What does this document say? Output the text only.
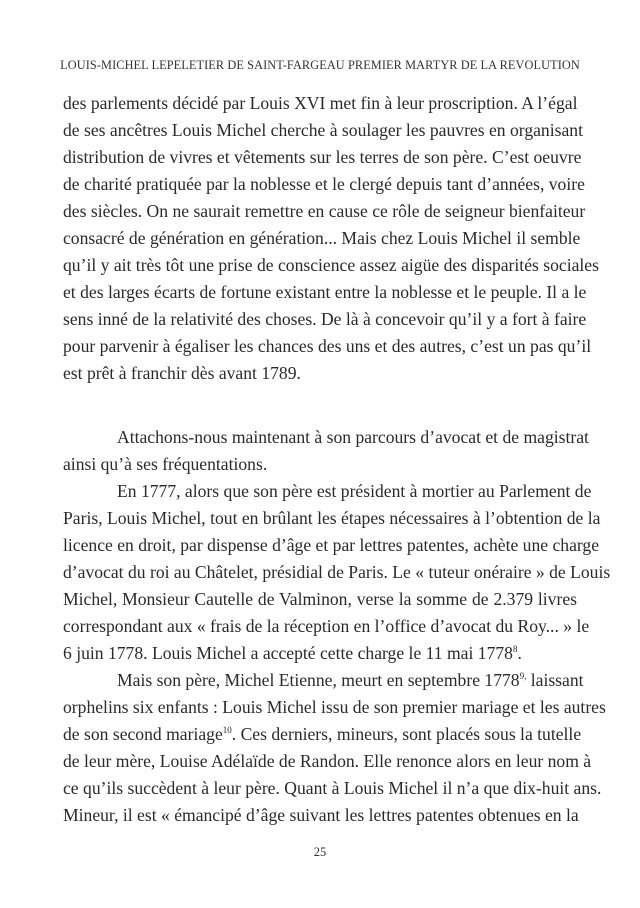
LOUIS-MICHEL LEPELETIER DE SAINT-FARGEAU PREMIER MARTYR DE LA REVOLUTION
des parlements décidé par Louis XVI met fin à leur proscription. A l’égal
de ses ancêtres Louis Michel cherche à soulager les pauvres en organisant
distribution de vivres et vêtements sur les terres de son père. C’est oeuvre
de charité pratiquée par la noblesse et le clergé depuis tant d’années, voire
des siècles. On ne saurait remettre en cause ce rôle de seigneur bienfaiteur
consacré de génération en génération... Mais chez Louis Michel il semble
qu’il y ait très tôt une prise de conscience assez aigüe des disparités sociales
et des larges écarts de fortune existant entre la noblesse et le peuple. Il a le
sens inné de la relativité des choses. De là à concevoir qu’il y a fort à faire
pour parvenir à égaliser les chances des uns et des autres, c’est un pas qu’il
est prêt à franchir dès avant 1789.
Attachons-nous maintenant à son parcours d’avocat et de magistrat
ainsi qu’à ses fréquentations.
En 1777, alors que son père est président à mortier au Parlement de
Paris, Louis Michel, tout en brûlant les étapes nécessaires à l’obtention de la
licence en droit, par dispense d’âge et par lettres patentes, achète une charge
d’avocat du roi au Châtelet, présidial de Paris. Le « tuteur onéraire » de Louis
Michel, Monsieur Cautelle de Valminon, verse la somme de 2.379 livres
correspondant aux « frais de la réception en l’office d’avocat du Roy... » le
6 juin 1778. Louis Michel a accepté cette charge le 11 mai 1778$^8$.
Mais son père, Michel Etienne, meurt en septembre $1778^{9,}$ laissant
orphelins six enfants : Louis Michel issu de son premier mariage et les autres
de son second mariage$^{10}$. Ces derniers, mineurs, sont placés sous la tutelle
de leur mère, Louise Adélaïde de Randon. Elle renonce alors en leur nom à
ce qu’ils succèdent à leur père. Quant à Louis Michel il n’a que dix-huit ans.
Mineur, il est « émancipé d’âge suivant les lettres patentes obtenues en la
25
